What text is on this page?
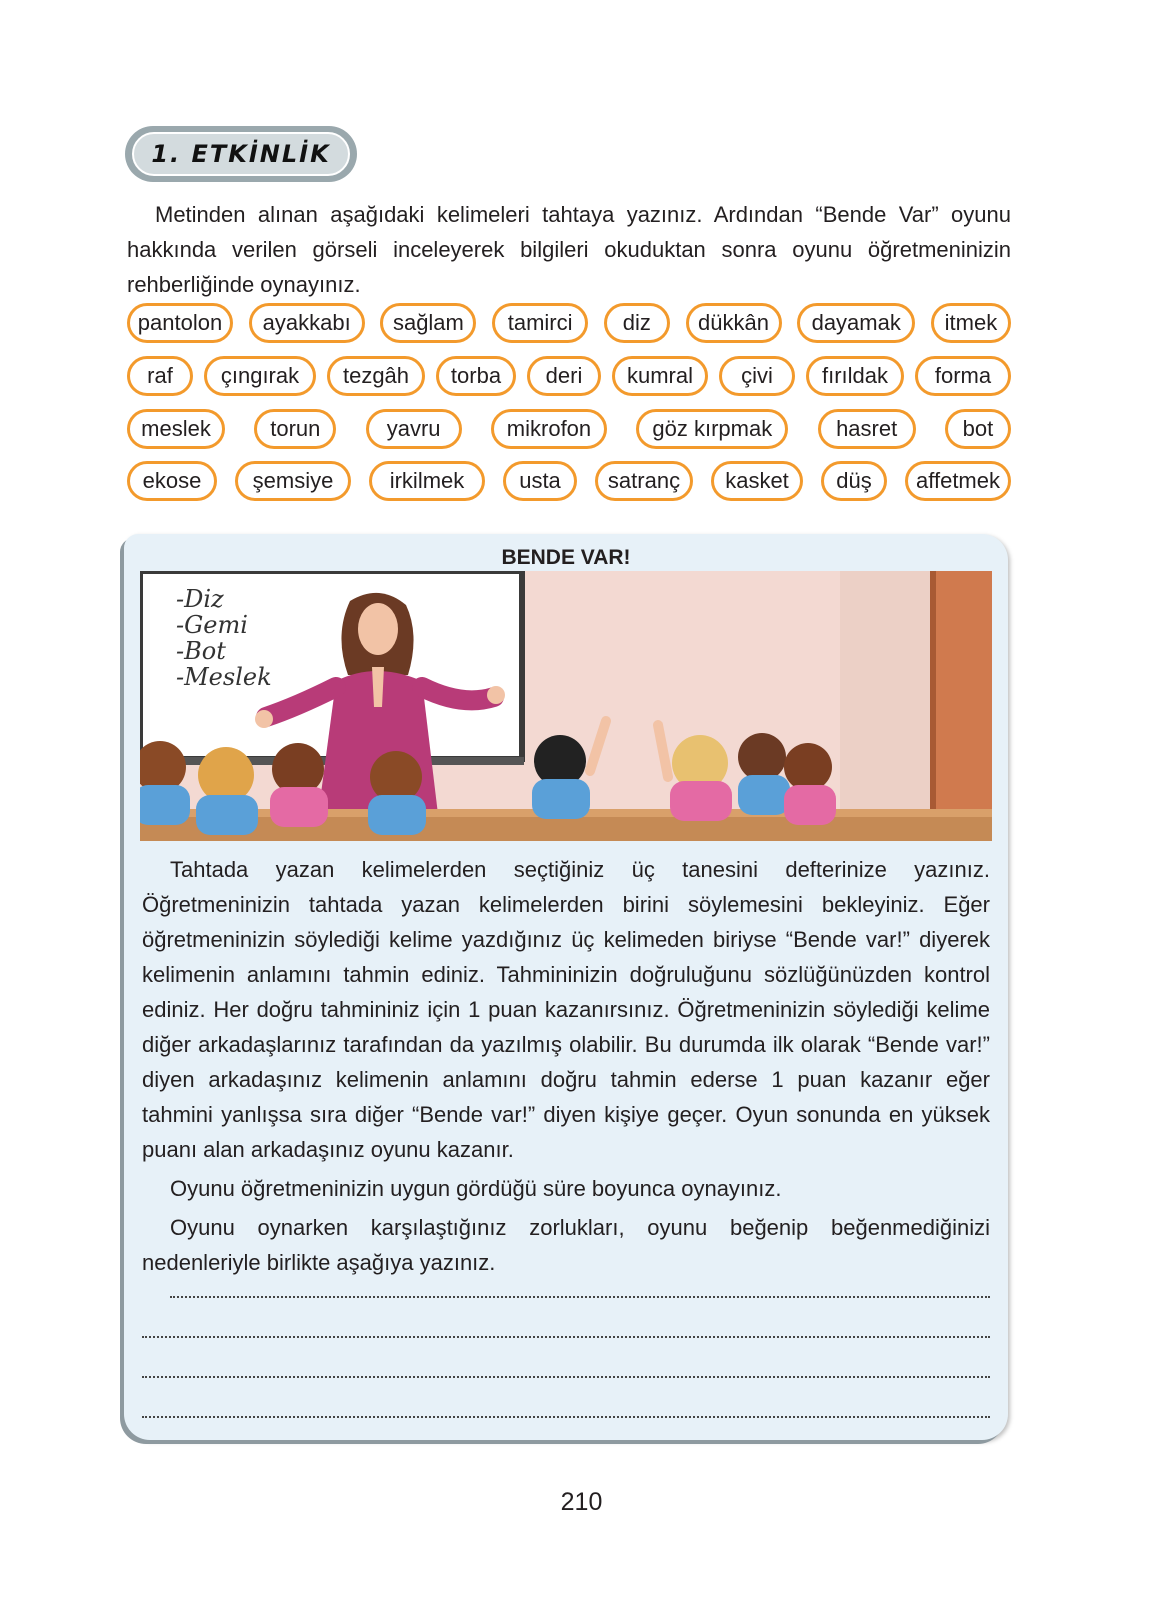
1. ETKİNLİK

Metinden alınan aşağıdaki kelimeleri tahtaya yazınız. Ardından “Bende Var” oyunu hakkında verilen görseli inceleyerek bilgileri okuduktan sonra oyunu öğretmeninizin rehberliğinde oynayınız.

pantolon	ayakkabı	sağlam	tamirci	diz	dükkân	dayamak	itmek
raf	çıngırak	tezgâh	torba	deri	kumral	çivi	fırıldak	forma
meslek	torun	yavru	mikrofon	göz kırpmak	hasret	bot
ekose	şemsiye	irkilmek	usta	satranç	kasket	düş	affetmek
BENDE VAR!
-Diz
-Gemi
-Bot
-Meslek

Tahtada yazan kelimelerden seçtiğiniz üç tanesini defterinize yazınız. Öğretmeninizin tahtada yazan kelimelerden birini söylemesini bekleyiniz. Eğer öğretmeninizin söylediği kelime yazdığınız üç kelimeden biriyse “Bende var!” diyerek kelimenin anlamını tahmin ediniz. Tahmininizin doğruluğunu sözlüğünüzden kontrol ediniz. Her doğru tahmininiz için 1 puan kazanırsınız. Öğretmeninizin söylediği kelime diğer arkadaşlarınız tarafından da yazılmış olabilir. Bu durumda ilk olarak “Bende var!” diyen arkadaşınız kelimenin anlamını doğru tahmin ederse 1 puan kazanır eğer tahmini yanlışsa sıra diğer “Bende var!” diyen kişiye geçer. Oyun sonunda en yüksek puanı alan arkadaşınız oyunu kazanır.

Oyunu öğretmeninizin uygun gördüğü süre boyunca oynayınız.

Oyunu oynarken karşılaştığınız zorlukları, oyunu beğenip beğenmediğinizi nedenleriyle birlikte aşağıya yazınız.

210
